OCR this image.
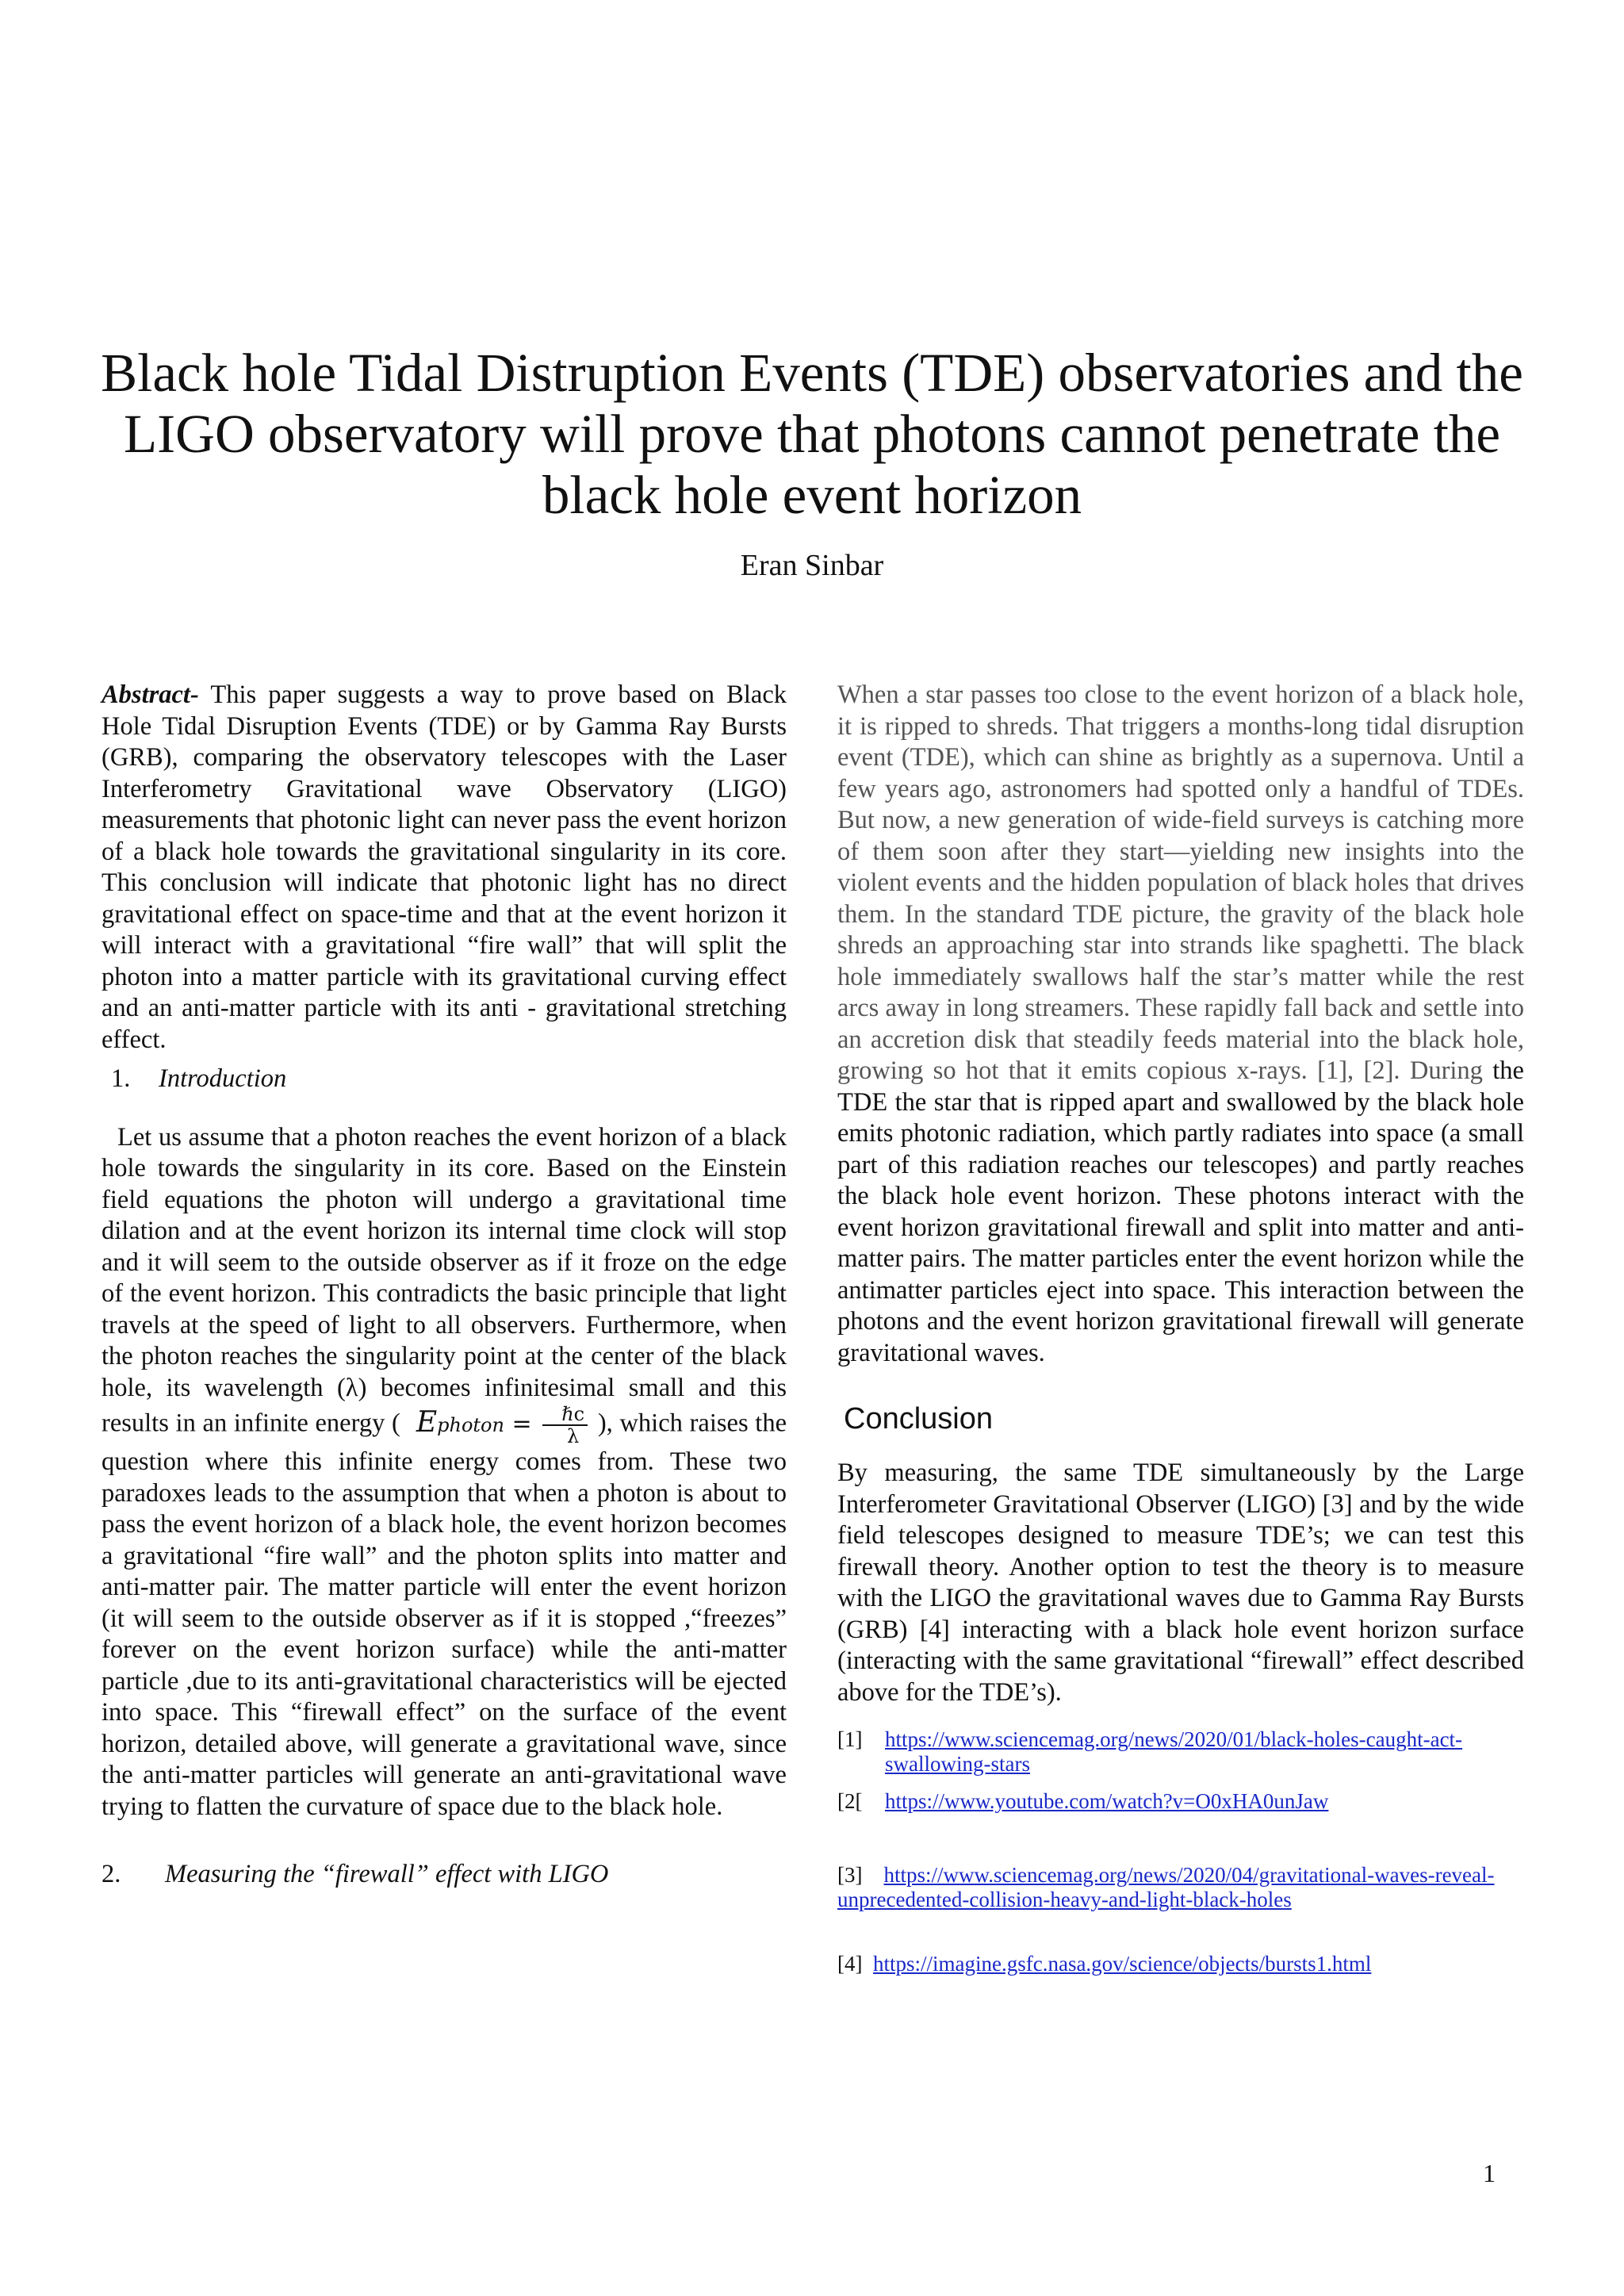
Black hole Tidal Distruption Events (TDE) observatories and the LIGO observatory will prove that photons cannot penetrate the black hole event horizon
Eran Sinbar

Abstract- This paper suggests a way to prove based on Black Hole Tidal Disruption Events (TDE) or by Gamma Ray Bursts (GRB), comparing the observatory telescopes with the Laser Interferometry Gravitational wave Observatory (LIGO) measurements that photonic light can never pass the event horizon of a black hole towards the gravitational singularity in its core. This conclusion will indicate that photonic light has no direct gravitational effect on space-time and that at the event horizon it will interact with a gravitational “fire wall” that will split the photon into a matter particle with its gravitational curving effect and an anti-matter particle with its anti - gravitational stretching effect.

1. Introduction

Let us assume that a photon reaches the event horizon of a black hole towards the singularity in its core. Based on the Einstein field equations the photon will undergo a gravitational time dilation and at the event horizon its internal time clock will stop and it will seem to the outside observer as if it froze on the edge of the event horizon. This contradicts the basic principle that light travels at the speed of light to all observers. Furthermore, when the photon reaches the singularity point at the center of the black hole, its wavelength (λ) becomes infinitesimal small and this results in an infinite energy ( Ephoton = $\frac{\text{ℏc}}{\lambda}$ ), which raises the question where this infinite energy comes from. These two paradoxes leads to the assumption that when a photon is about to pass the event horizon of a black hole, the event horizon becomes a gravitational “fire wall” and the photon splits into matter and anti-matter pair. The matter particle will enter the event horizon (it will seem to the outside observer as if it is stopped ,“freezes” forever on the event horizon surface) while the anti-matter particle ,due to its anti-gravitational characteristics will be ejected into space. This “firewall effect” on the surface of the event horizon, detailed above, will generate a gravitational wave, since the anti-matter particles will generate an anti-gravitational wave trying to flatten the curvature of space due to the black hole.

2. Measuring the “firewall” effect with LIGO

When a star passes too close to the event horizon of a black hole, it is ripped to shreds. That triggers a months-long tidal disruption event (TDE), which can shine as brightly as a supernova. Until a few years ago, astronomers had spotted only a handful of TDEs. But now, a new generation of wide-field surveys is catching more of them soon after they start—yielding new insights into the violent events and the hidden population of black holes that drives them. In the standard TDE picture, the gravity of the black hole shreds an approaching star into strands like spaghetti. The black hole immediately swallows half the star’s matter while the rest arcs away in long streamers. These rapidly fall back and settle into an accretion disk that steadily feeds material into the black hole, growing so hot that it emits copious x-rays. [1], [2]. During the TDE the star that is ripped apart and swallowed by the black hole emits photonic radiation, which partly radiates into space (a small part of this radiation reaches our telescopes) and partly reaches the black hole event horizon. These photons interact with the event horizon gravitational firewall and split into matter and anti-matter pairs. The matter particles enter the event horizon while the antimatter particles eject into space. This interaction between the photons and the event horizon gravitational firewall will generate gravitational waves.

Conclusion

By measuring, the same TDE simultaneously by the Large Interferometer Gravitational Observer (LIGO) [3] and by the wide field telescopes designed to measure TDE’s; we can test this firewall theory. Another option to test the theory is to measure with the LIGO the gravitational waves due to Gamma Ray Bursts (GRB) [4] interacting with a black hole event horizon surface (interacting with the same gravitational “firewall” effect described above for the TDE’s).

[1] https://www.sciencemag.org/news/2020/01/black-holes-caught-act-swallowing-stars
[2[ https://www.youtube.com/watch?v=O0xHA0unJaw
[3] https://www.sciencemag.org/news/2020/04/gravitational-waves-reveal-unprecedented-collision-heavy-and-light-black-holes
[4] https://imagine.gsfc.nasa.gov/science/objects/bursts1.html
1
